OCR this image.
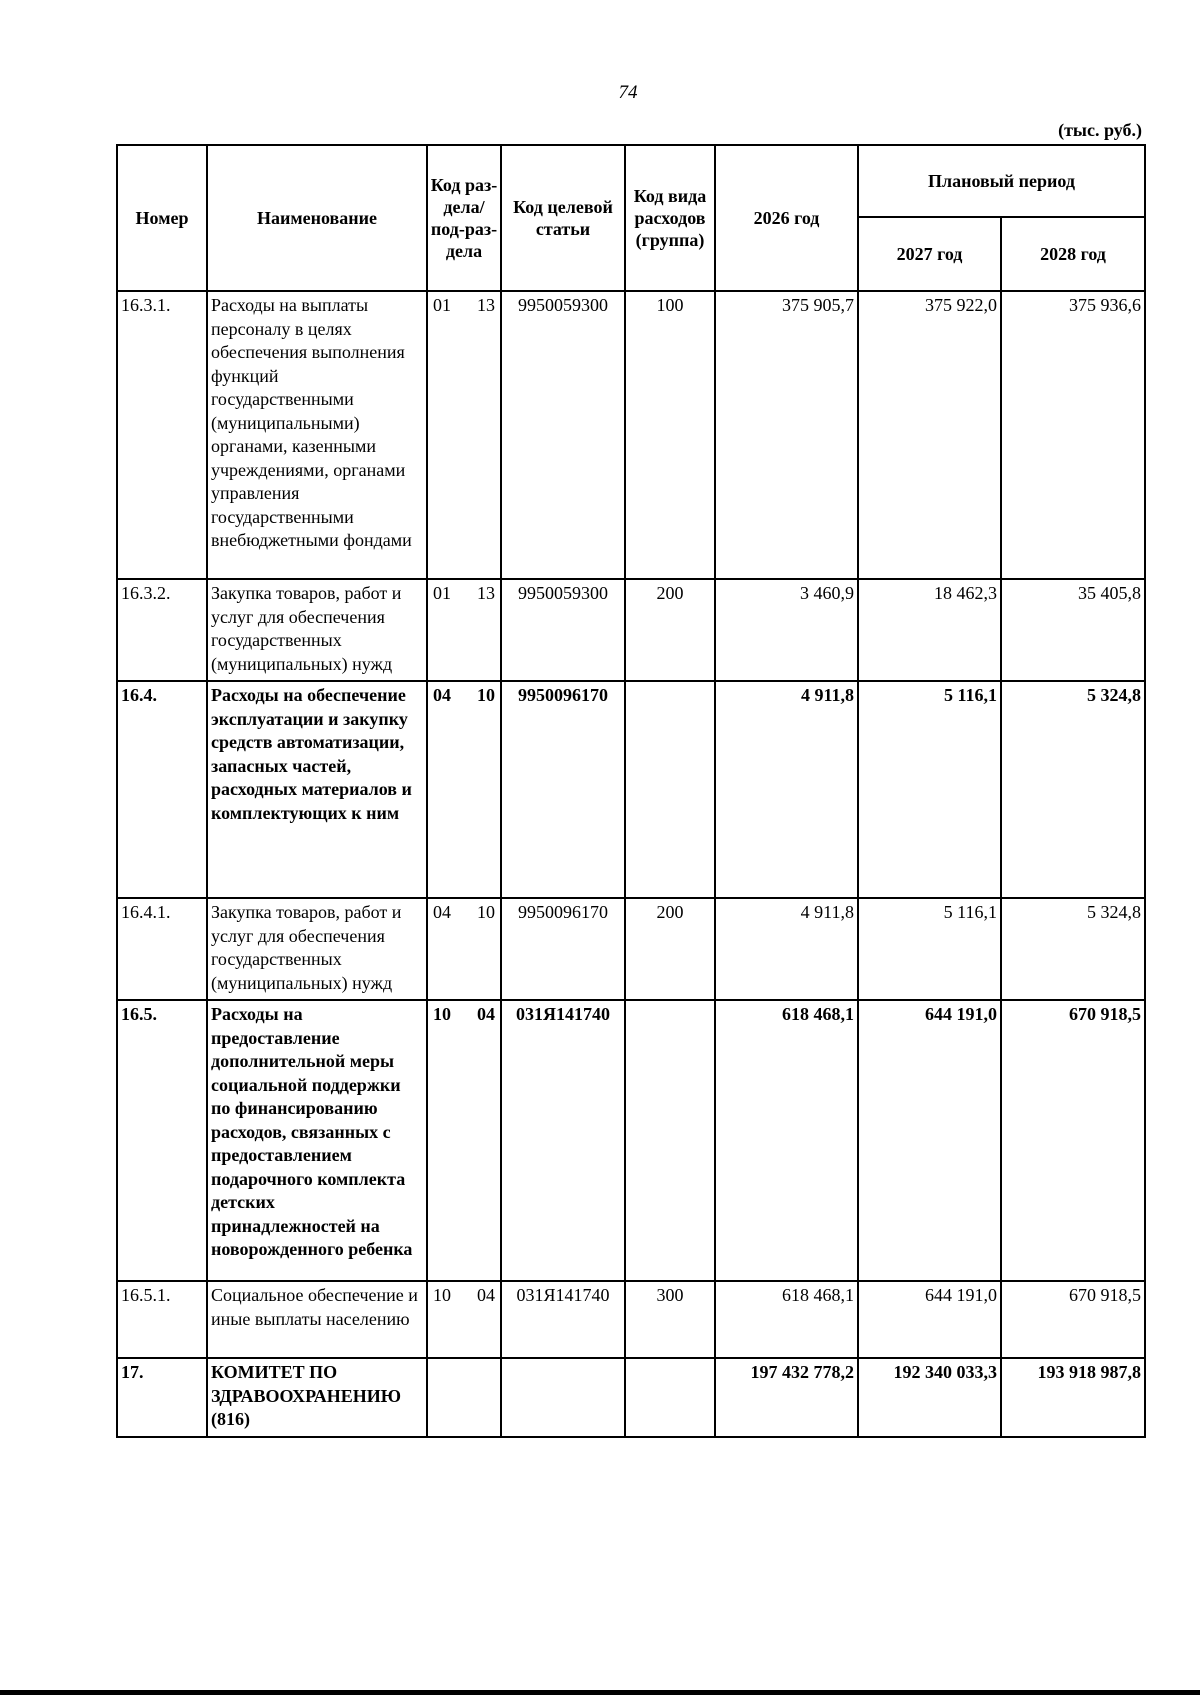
74
(тыс. руб.)
Номер	Наименование	Код раз-дела/ под-раз-дела	Код целевой статьи	Код вида расходов (группа)	2026 год	Плановый период	
						2027 год	2028 год
16.3.1.	Расходы на выплаты персоналу в целях обеспечения выполнения функций государственными (муниципальными) органами, казенными учреждениями, органами управления государственными внебюджетными фондами	01 13	9950059300	100	375 905,7	375 922,0	375 936,6
16.3.2.	Закупка товаров, работ и услуг для обеспечения государственных (муниципальных) нужд	01 13	9950059300	200	3 460,9	18 462,3	35 405,8
16.4.	Расходы на обеспечение эксплуатации и закупку средств автоматизации, запасных частей, расходных материалов и комплектующих к ним	04 10	9950096170		4 911,8	5 116,1	5 324,8
16.4.1.	Закупка товаров, работ и услуг для обеспечения государственных (муниципальных) нужд	04 10	9950096170	200	4 911,8	5 116,1	5 324,8
16.5.	Расходы на предоставление дополнительной меры социальной поддержки по финансированию расходов, связанных с предоставлением подарочного комплекта детских принадлежностей на новорожденного ребенка	10 04	031Я141740		618 468,1	644 191,0	670 918,5
16.5.1.	Социальное обеспечение и иные выплаты населению	10 04	031Я141740	300	618 468,1	644 191,0	670 918,5
17.	КОМИТЕТ ПО ЗДРАВООХРАНЕНИЮ (816)				197 432 778,2	192 340 033,3	193 918 987,8
